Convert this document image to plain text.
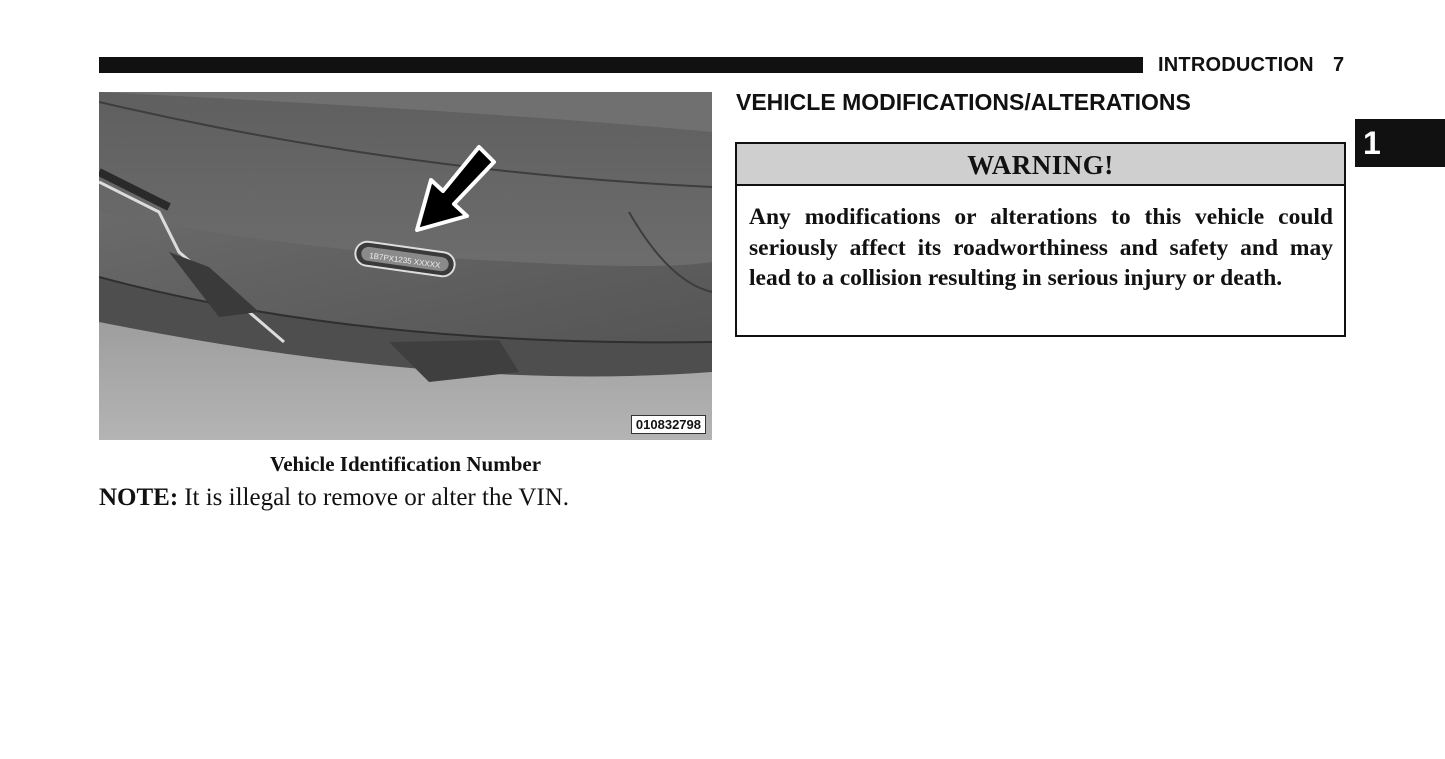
INTRODUCTION 7
1
1B7PX1235 XXXXX
010832798
Vehicle Identification Number
NOTE: It is illegal to remove or alter the VIN.
VEHICLE MODIFICATIONS/ALTERATIONS
WARNING!
Any modifications or alterations to this vehicle could seriously affect its roadworthiness and safety and may lead to a collision resulting in serious injury or death.
